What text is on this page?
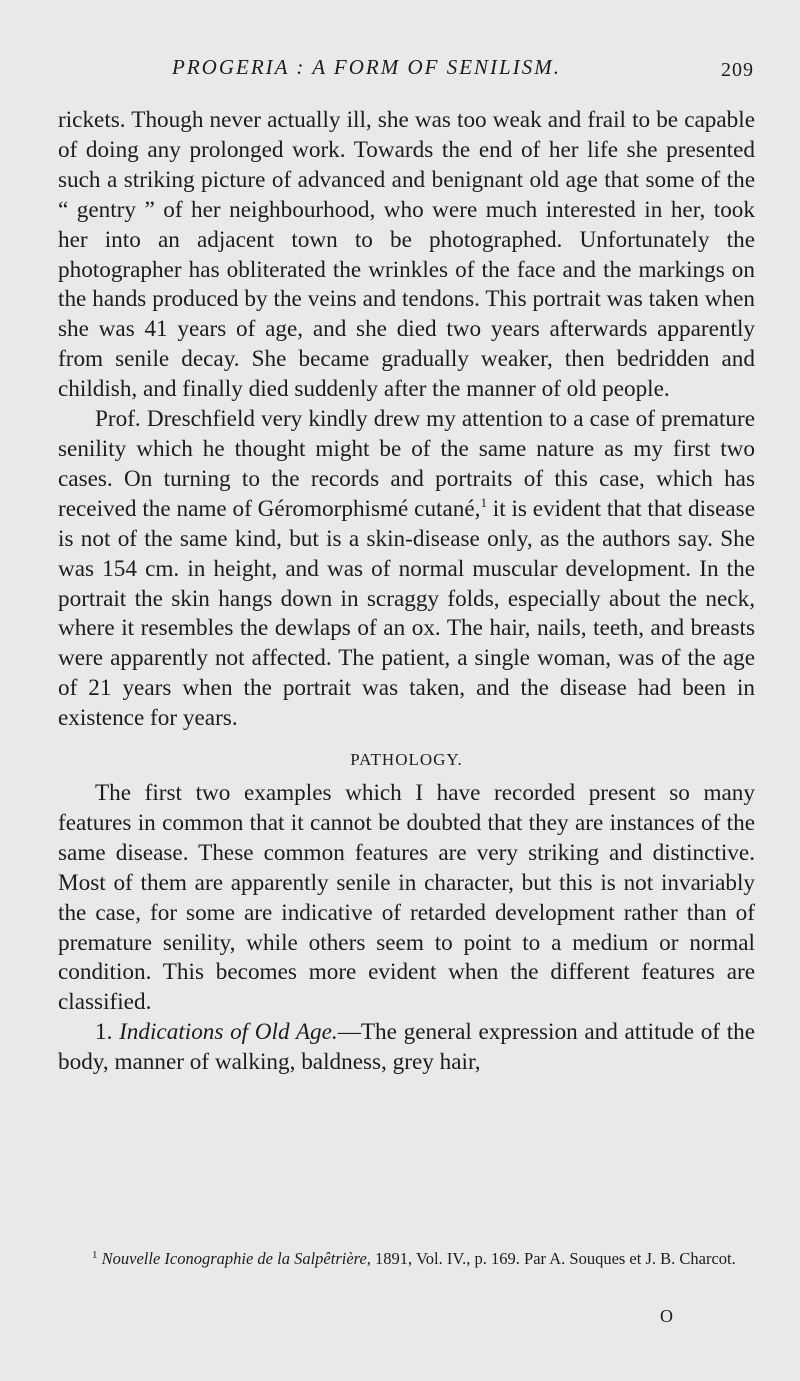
PROGERIA : A FORM OF SENILISM.	209

rickets. Though never actually ill, she was too weak and frail to be capable of doing any prolonged work. Towards the end of her life she presented such a striking picture of advanced and benignant old age that some of the “ gentry ” of her neighbourhood, who were much interested in her, took her into an adjacent town to be photographed. Unfortunately the photographer has obliterated the wrinkles of the face and the markings on the hands produced by the veins and tendons. This portrait was taken when she was 41 years of age, and she died two years afterwards apparently from senile decay. She became gradually weaker, then bedridden and childish, and finally died suddenly after the manner of old people.

Prof. Dreschfield very kindly drew my attention to a case of premature senility which he thought might be of the same nature as my first two cases. On turning to the records and portraits of this case, which has received the name of Géromorphismé cutané,$^1$ it is evident that that disease is not of the same kind, but is a skin-disease only, as the authors say. She was 154 cm. in height, and was of normal muscular development. In the portrait the skin hangs down in scraggy folds, especially about the neck, where it resembles the dewlaps of an ox. The hair, nails, teeth, and breasts were apparently not affected. The patient, a single woman, was of the age of 21 years when the portrait was taken, and the disease had been in existence for years.

PATHOLOGY.

The first two examples which I have recorded present so many features in common that it cannot be doubted that they are instances of the same disease. These common features are very striking and distinctive. Most of them are apparently senile in character, but this is not invariably the case, for some are indicative of retarded development rather than of premature senility, while others seem to point to a medium or normal condition. This becomes more evident when the different features are classified.

1. Indications of Old Age.—The general expression and attitude of the body, manner of walking, baldness, grey hair,

$^1$ Nouvelle Iconographie de la Salpêtrière, 1891, Vol. IV., p. 169. Par A. Souques et J. B. Charcot.
O
